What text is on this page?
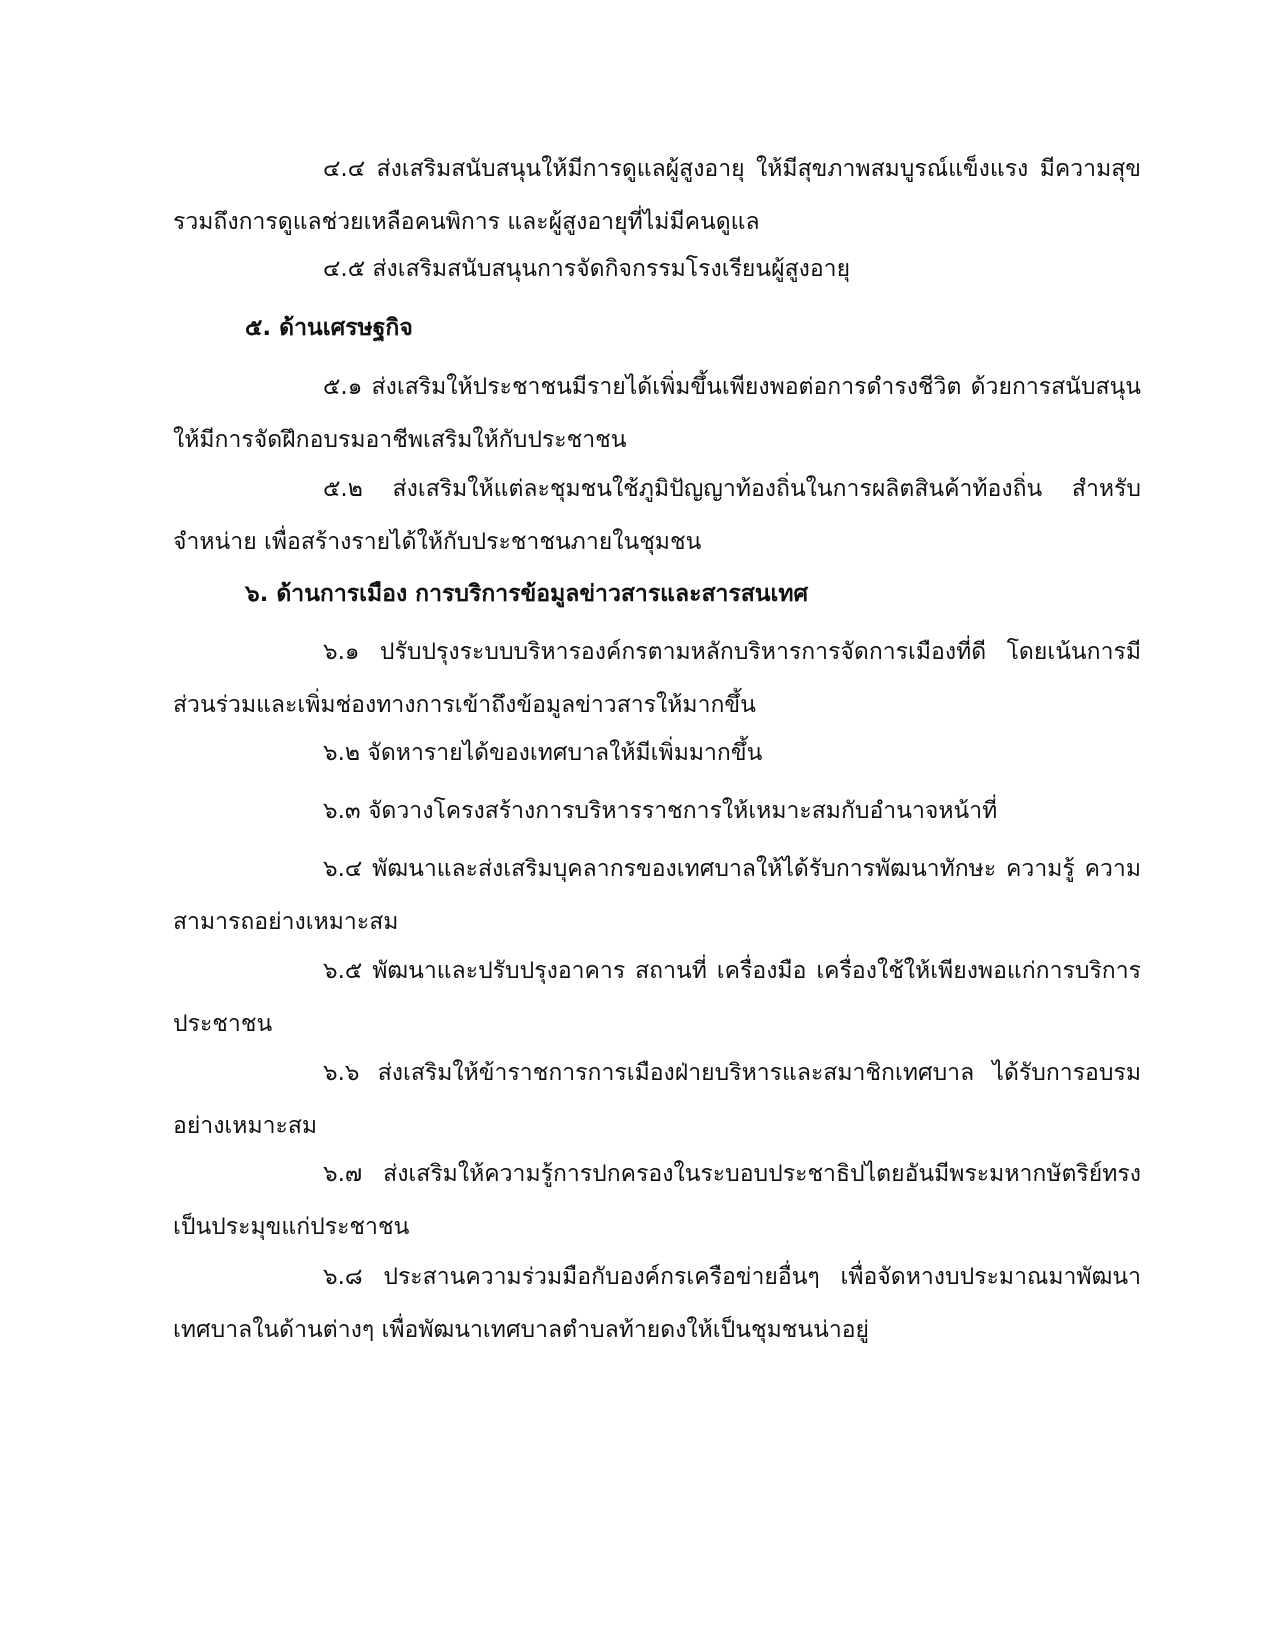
๔.๔ ส่งเสริมสนับสนุนให้มีการดูแลผู้สูงอายุ ให้มีสุขภาพสมบูรณ์แข็งแรง มีความสุข รวมถึงการดูแลช่วยเหลือคนพิการ และผู้สูงอายุที่ไม่มีคนดูแล

๔.๕ ส่งเสริมสนับสนุนการจัดกิจกรรมโรงเรียนผู้สูงอายุ

๕. ด้านเศรษฐกิจ

๕.๑ ส่งเสริมให้ประชาชนมีรายได้เพิ่มขึ้นเพียงพอต่อการดำรงชีวิต ด้วยการสนับสนุน ให้มีการจัดฝึกอบรมอาชีพเสริมให้กับประชาชน

๕.๒ ส่งเสริมให้แต่ละชุมชนใช้ภูมิปัญญาท้องถิ่นในการผลิตสินค้าท้องถิ่น สำหรับ จำหน่าย เพื่อสร้างรายได้ให้กับประชาชนภายในชุมชน

๖. ด้านการเมือง การบริการข้อมูลข่าวสารและสารสนเทศ

๖.๑ ปรับปรุงระบบบริหารองค์กรตามหลักบริหารการจัดการเมืองที่ดี โดยเน้นการมี ส่วนร่วมและเพิ่มช่องทางการเข้าถึงข้อมูลข่าวสารให้มากขึ้น

๖.๒ จัดหารายได้ของเทศบาลให้มีเพิ่มมากขึ้น

๖.๓ จัดวางโครงสร้างการบริหารราชการให้เหมาะสมกับอำนาจหน้าที่

๖.๔ พัฒนาและส่งเสริมบุคลากรของเทศบาลให้ได้รับการพัฒนาทักษะ ความรู้ ความสามารถอย่างเหมาะสม

๖.๕ พัฒนาและปรับปรุงอาคาร สถานที่ เครื่องมือ เครื่องใช้ให้เพียงพอแก่การบริการ ประชาชน

๖.๖ ส่งเสริมให้ข้าราชการการเมืองฝ่ายบริหารและสมาชิกเทศบาล ได้รับการอบรม อย่างเหมาะสม

๖.๗ ส่งเสริมให้ความรู้การปกครองในระบอบประชาธิปไตยอันมีพระมหากษัตริย์ทรง เป็นประมุขแก่ประชาชน

๖.๘ ประสานความร่วมมือกับองค์กรเครือข่ายอื่นๆ เพื่อจัดหางบประมาณมาพัฒนา เทศบาลในด้านต่างๆ เพื่อพัฒนาเทศบาลตำบลท้ายดงให้เป็นชุมชนน่าอยู่
